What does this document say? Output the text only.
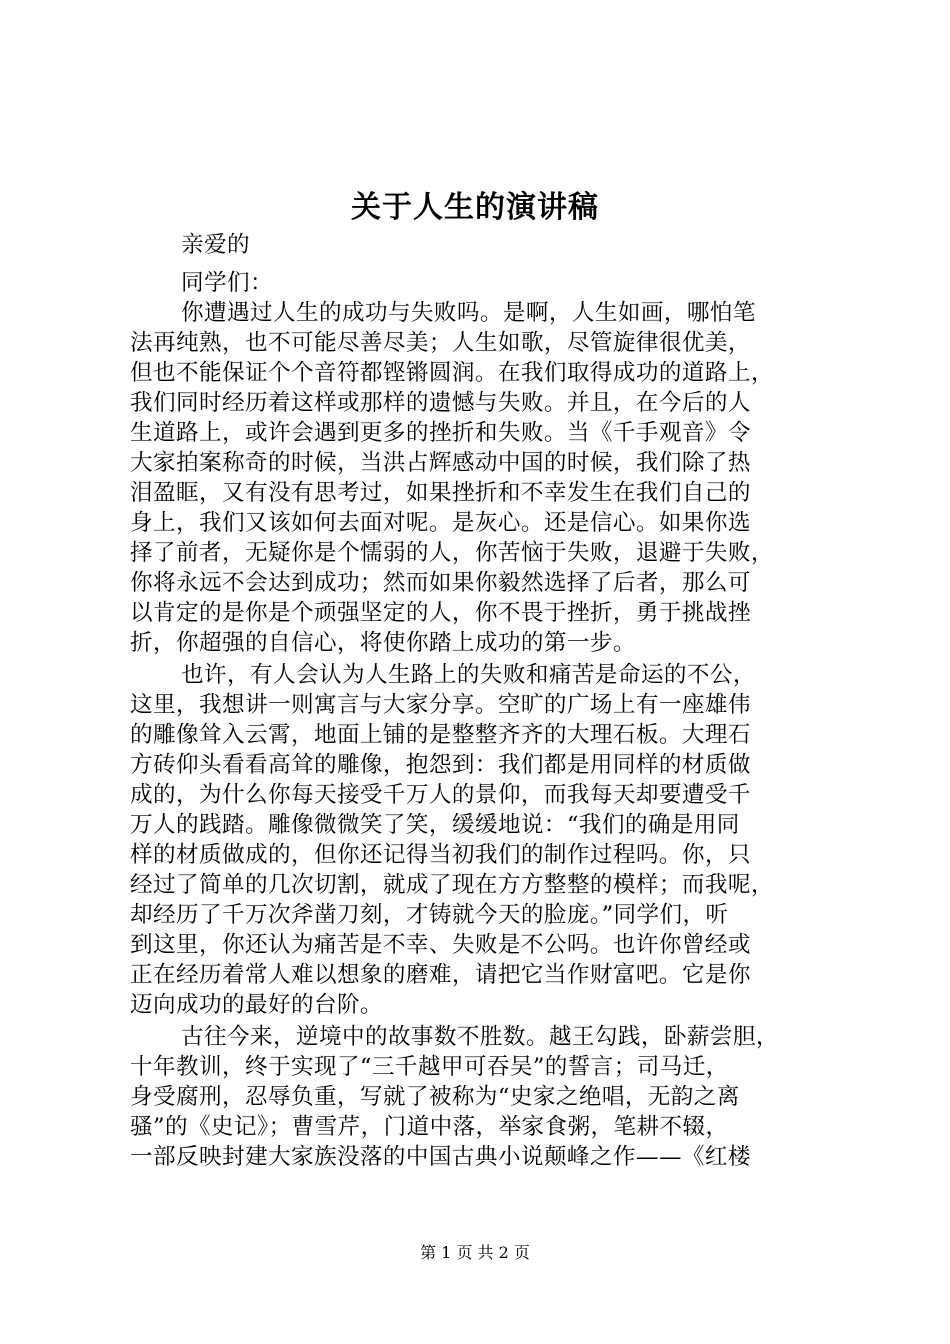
关于人生的演讲稿
亲爱的
同学们：
你遭遇过人生的成功与失败吗。是啊，人生如画，哪怕笔
法再纯熟，也不可能尽善尽美；人生如歌，尽管旋律很优美，
但也不能保证个个音符都铿锵圆润。在我们取得成功的道路上，
我们同时经历着这样或那样的遗憾与失败。并且，在今后的人
生道路上，或许会遇到更多的挫折和失败。当《千手观音》令
大家拍案称奇的时候，当洪占辉感动中国的时候，我们除了热
泪盈眶，又有没有思考过，如果挫折和不幸发生在我们自己的
身上，我们又该如何去面对呢。是灰心。还是信心。如果你选
择了前者，无疑你是个懦弱的人，你苦恼于失败，退避于失败，
你将永远不会达到成功；然而如果你毅然选择了后者，那么可
以肯定的是你是个顽强坚定的人，你不畏于挫折，勇于挑战挫
折，你超强的自信心，将使你踏上成功的第一步。
也许，有人会认为人生路上的失败和痛苦是命运的不公，
这里，我想讲一则寓言与大家分享。空旷的广场上有一座雄伟
的雕像耸入云霄，地面上铺的是整整齐齐的大理石板。大理石
方砖仰头看看高耸的雕像，抱怨到：我们都是用同样的材质做
成的，为什么你每天接受千万人的景仰，而我每天却要遭受千
万人的践踏。雕像微微笑了笑，缓缓地说：“我们的确是用同
样的材质做成的，但你还记得当初我们的制作过程吗。你，只
经过了简单的几次切割，就成了现在方方整整的模样；而我呢，
却经历了千万次斧凿刀刻，才铸就今天的脸庞。”同学们，听
到这里，你还认为痛苦是不幸、失败是不公吗。也许你曾经或
正在经历着常人难以想象的磨难，请把它当作财富吧。它是你
迈向成功的最好的台阶。
古往今来，逆境中的故事数不胜数。越王勾践，卧薪尝胆，
十年教训，终于实现了“三千越甲可吞吴”的誓言；司马迁，
身受腐刑，忍辱负重，写就了被称为“史家之绝唱，无韵之离
骚”的《史记》；曹雪芹，门道中落，举家食粥，笔耕不辍，
一部反映封建大家族没落的中国古典小说颠峰之作——《红楼
第 1 页 共 2 页
